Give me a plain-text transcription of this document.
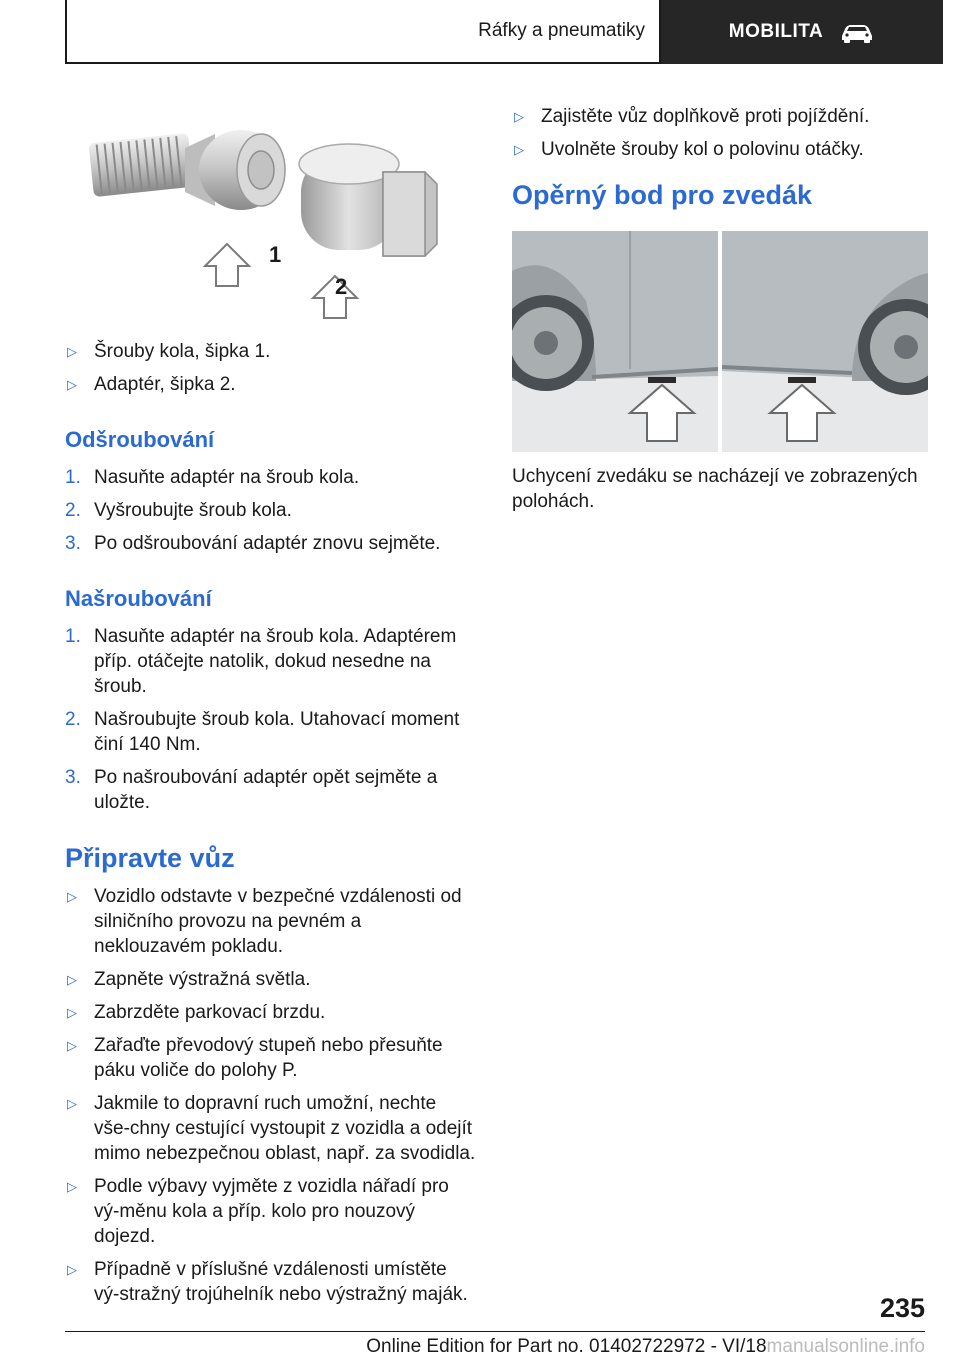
Ráfky a pneumatiky	MOBILITA
1
2
▷ Šrouby kola, šipka 1.
▷ Adaptér, šipka 2.
Odšroubování
1. Nasuňte adaptér na šroub kola.
2. Vyšroubujte šroub kola.
3. Po odšroubování adaptér znovu sejměte.
Našroubování
1. Nasuňte adaptér na šroub kola. Adaptérem příp. otáčejte natolik, dokud nesedne na šroub.
2. Našroubujte šroub kola. Utahovací moment činí 140 Nm.
3. Po našroubování adaptér opět sejměte a uložte.
Připravte vůz
▷ Vozidlo odstavte v bezpečné vzdálenosti od silničního provozu na pevném a neklouzavém pokladu.
▷ Zapněte výstražná světla.
▷ Zabrzděte parkovací brzdu.
▷ Zařaďte převodový stupeň nebo přesuňte páku voliče do polohy P.
▷ Jakmile to dopravní ruch umožní, nechte vše-chny cestující vystoupit z vozidla a odejít mimo nebezpečnou oblast, např. za svodidla.
▷ Podle výbavy vyjměte z vozidla nářadí pro vý-měnu kola a příp. kolo pro nouzový dojezd.
▷ Případně v příslušné vzdálenosti umístěte vý-stražný trojúhelník nebo výstražný maják.
▷ Zajistěte vůz doplňkově proti pojíždění.
▷ Uvolněte šrouby kol o polovinu otáčky.
Opěrný bod pro zvedák

Uchycení zvedáku se nacházejí ve zobrazených polohách.

235
Online Edition for Part no. 01402722972 - VI/18manualsonline.info
